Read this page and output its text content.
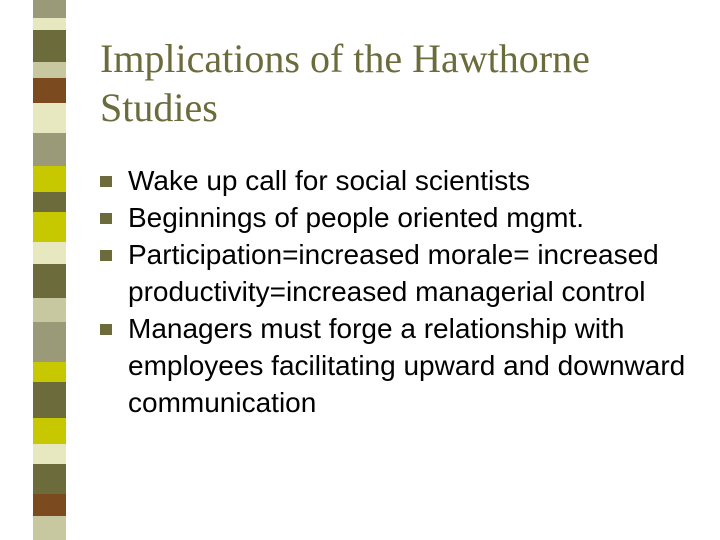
Implications of the Hawthorne Studies
Wake up call for social scientists
Beginnings of people oriented mgmt.
Participation=increased morale= increased productivity=increased managerial control
Managers must forge a relationship with employees facilitating upward and downward communication
